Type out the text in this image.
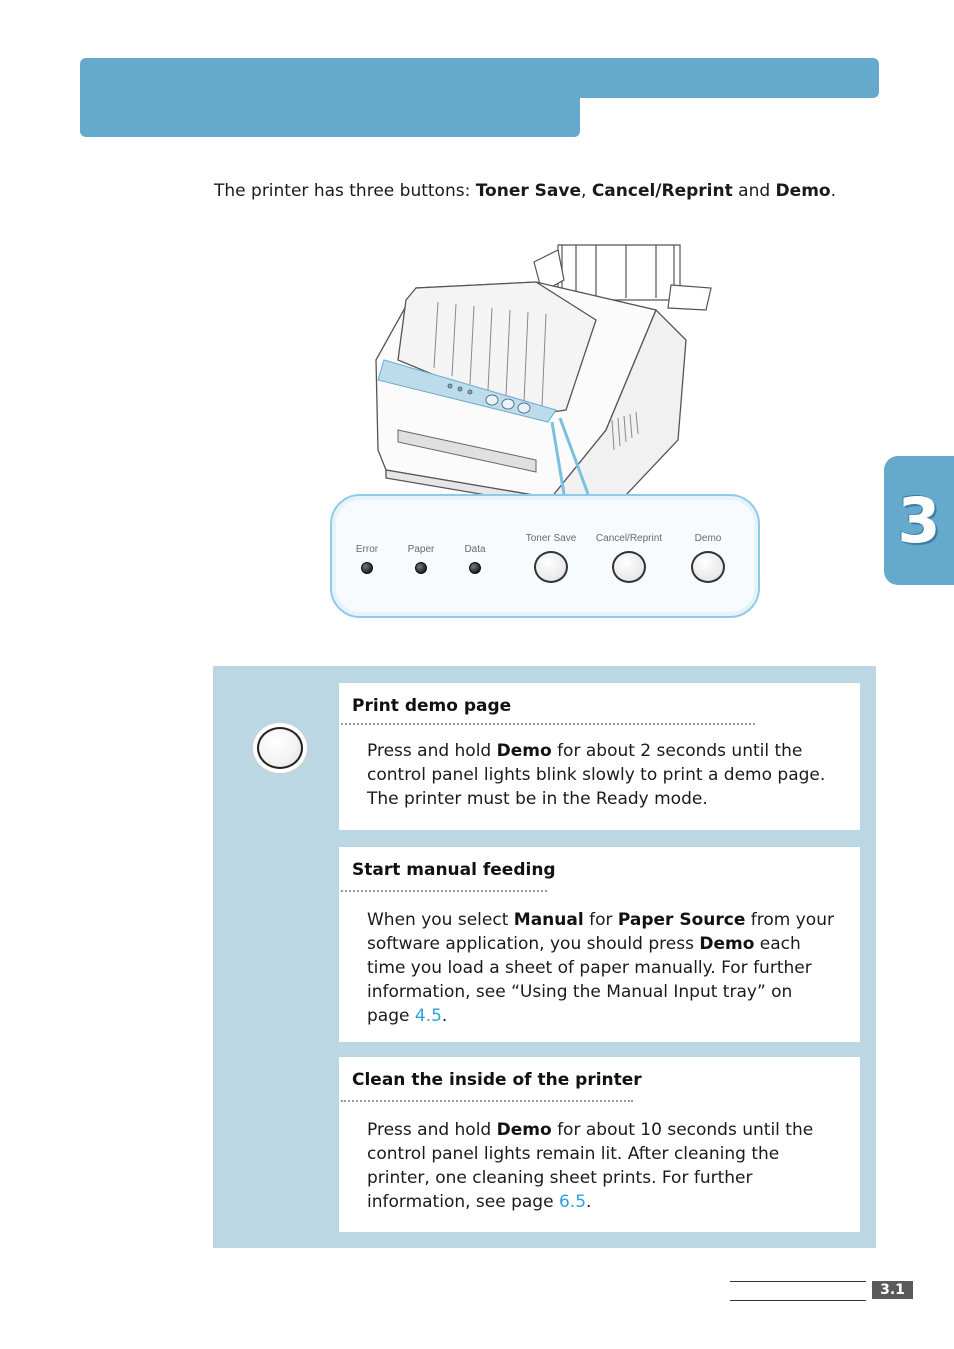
3
The printer has three buttons: Toner Save, Cancel/Reprint and Demo.
Error	Paper	Data
Toner Save Cancel/Reprint	Demo
Print demo page
Press and hold Demo for about 2 seconds until the control panel lights blink slowly to print a demo page. The printer must be in the Ready mode.
Start manual feeding
When you select Manual for Paper Source from your software application, you should press Demo each time you load a sheet of paper manually. For further information, see “Using the Manual Input tray” on page 4.5.
Clean the inside of the printer
Press and hold Demo for about 10 seconds until the control panel lights remain lit. After cleaning the printer, one cleaning sheet prints. For further information, see page 6.5.
3.1
